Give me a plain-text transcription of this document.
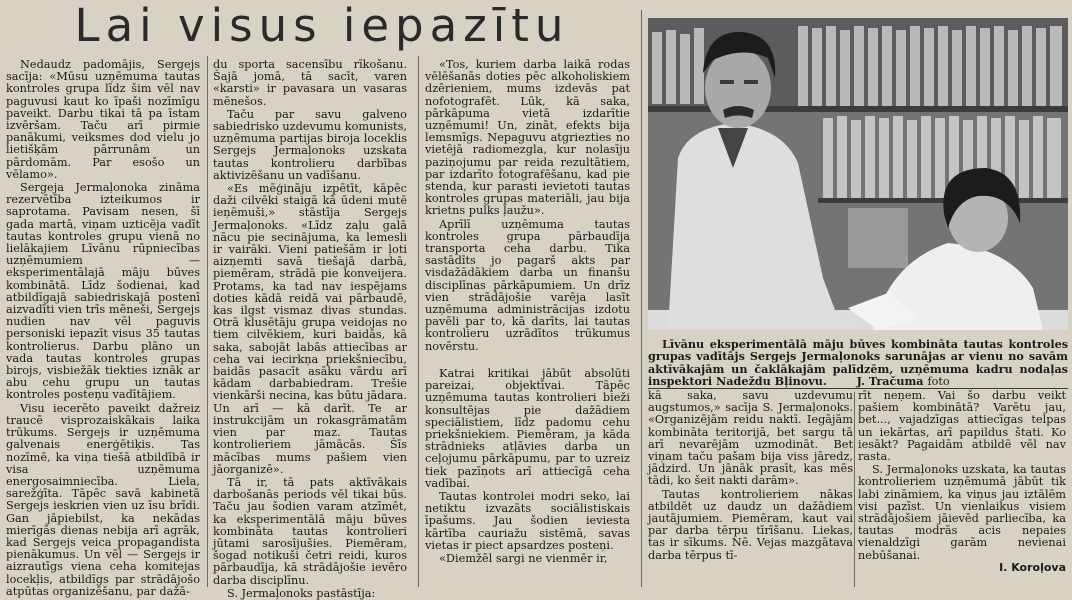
Lai visus iepazītu

Nedaudz padomājis, Sergejs sacīja: «Mūsu uzņēmuma tautas kontroles grupa līdz šim vēl nav paguvusi kaut ko īpaši nozīmīgu paveikt. Darbu tikai tā pa īstam izvēršam. Taču arī pirmie panākumi, veiksmes dod vielu jo lietišķām pārrunām un pārdomām. Par esošo un vēlamo».

Sergeja Jermaļonoka zināma rezervētība izteikumos ir saprotama. Pavisam nesen, šī gada martā, viņam uzticēja vadīt tautas kontroles grupu vienā no lielākajiem Līvānu rūpniecības uzņēmumiem — eksperimentālajā māju būves kombinātā. Līdz šodienai, kad atbildīgajā sabiedriskajā postenī aizvadīti vien trīs mēneši, Sergejs nudien nav vēl paguvis personiski iepazīt visus 35 tautas kontrolierus. Darbu plāno un vada tautas kontroles grupas birojs, visbiežāk tiekties iznāk ar abu cehu grupu un tautas kontroles posteņu vadītājiem.

Visu iecerēto paveikt dažreiz traucē visprozaiskākais laika trūkums. Sergejs ir uzņēmuma galvenais enerģētiķis. Tas nozīmē, ka viņa tiešā atbildībā ir visa uzņēmuma energosaimniecība. Liela, sarežģīta. Tāpēc savā kabinetā Sergejs ieskrien vien uz īsu brīdi. Gan jāpiebilst, ka nekādas mierīgās dienas nebija arī agrāk, kad Sergejs veica propagandista pienākumus. Un vēl — Sergejs ir aizrautīgs viena ceha komitejas locekļis, atbildīgs par strādājošo atpūtas organizēšanu, par dažā-

du sporta sacensību rīkošanu. Šajā jomā, tā sacīt, varen «karsti» ir pavasara un vasaras mēnešos.

Taču par savu galveno sabiedrisko uzdevumu komunists, uzņēmuma partijas biroja loceklis Sergejs Jermaļonoks uzskata tautas kontrolieru darbības aktivizēšanu un vadīšanu.

«Es mēģināju izpētīt, kāpēc daži cilvēki staigā kā ūdeni mutē ieņēmuši,» stāstīja Sergejs Jermaļonoks. «Līdz zaļu galā nācu pie secinājuma, ka lemesli ir vairāki. Vieni patiešām ir ļoti aizņemti savā tiešajā darbā, piemēram, strādā pie konveijera. Protams, ka tad nav iespējams doties kādā reidā vai pārbaudē, kas ilgst vismaz divas stundas. Otrā klusētāju grupa veidojas no tiem cilvēkiem, kuri baidās, kā saka, sabojāt labās attiecības ar ceha vai iecirkņa priekšniecību, baidās pasacīt asāku vārdu arī kādam darbabiedram. Trešie vienkārši necina, kas būtu jādara. Un arī — kā darīt. Te ar instrukcijām un rokasgrāmatām vien par maz. Tautas kontrolieriem jāmācās. Šīs mācības mums pašiem vien jāorganizē».

Tā ir, tā pats aktīvākais darbošanās periods vēl tikai būs. Taču jau šodien varam atzīmēt, ka eksperimentālā māju būves kombināta tautas kontrolieri jūtami sarosījušies. Piemēram, šogad notikuši četri reidi, kuros pārbaudīja, kā strādājošie ievēro darba disciplīnu.

S. Jermaļonoks pastāstīja:

«Tos, kuriem darba laikā rodas vēlēšanās doties pēc alkoholiskiem dzērieniem, mums izdevās pat nofotografēt. Lūk, kā saka, pārkāpuma vietā izdarītie uzņēmumi! Un, zināt, efekts bija lemsmīgs. Nepaguvu atgriezties no vietējā radiomezgla, kur nolasīju paziņojumu par reida rezultātiem, par izdarīto fotografēšanu, kad pie stenda, kur parasti ievietoti tautas kontroles grupas materiāli, jau bija krietns pulks ļaužu».

Aprīlī uzņēmuma tautas kontroles grupa pārbaudīja transporta ceha darbu. Tika sastādīts jo pagarš akts par visdažādākiem darba un finanšu disciplīnas pārkāpumiem. Un drīz vien strādājošie varēja lasīt uzņēmuma administrācijas izdotu pavēli par to, kā darīts, lai tautas kontrolieru uzrādītos trūkumus novērstu.

Katrai kritikai jābūt absolūti pareizai, objektīvai. Tāpēc uzņēmuma tautas kontrolieri bieži konsultējas pie dažādiem speciālistiem, līdz padomu cehu priekšniekiem. Piemēram, ja kāda strādnieks atļāvies darba un ceļojumu pārkāpumu, par to uzreiz tiek pazīņots arī attiecīgā ceha vadībai.

Tautas kontrolei modri seko, lai netiktu izvazāts sociālistiskais īpašums. Jau šodien ieviesta kārtība cauriažu sistēmā, savas vietas ir piect apsardzes posteņi.

«Diemžēl sargi ne vienmēr ir,

Līvānu eksperimentālā māju būves kombināta tautas kontroles grupas vadītājs Sergejs Jermaļonoks sarunājas ar vienu no savām aktīvākajām un čaklākajām palīdzēm, uzņēmuma kadru nodaļas inspektori Nadeždu Bļinovu.	J. Tračuma foto

kā saka, savu uzdevumu augstumos,» sacīja S. Jermaļonoks. «Organizējām reidu naktī. Iegājām kombināta teritorijā, bet sargu tā arī nevarējām uzmodināt. Bet viņam taču pašam bija viss jāredz, jādzird. Un jānāk prasīt, kas mēs tādi, ko šeit nakti darām».

Tautas kontrolieriem nākas atbildēt uz daudz un dažādiem jautājumiem. Piemēram, kaut vai par darba tērpu tīrīšanu. Liekas, tas ir sīkums. Nē. Vejas mazgātava darba tērpus tī-

rīt neņem. Vai šo darbu veikt pašiem kombinātā? Varētu jau, bet..., vajadzīgas attiecīgas telpas un iekārtas, arī papildus štati. Ko iesākt? Pagaidām atbildē vēl nav rasta.

S. Jermaļonoks uzskata, ka tautas kontrolieriem uzņēmumā jābūt tik labi zināmiem, ka viņus jau iztālēm visi pazīst. Un vienlaikus visiem strādājošiem jāievēd parliecība, ka tautas modrās acis nepaies vienaldzīgi garām nevienai nebūšanai.

I. Koroļova
